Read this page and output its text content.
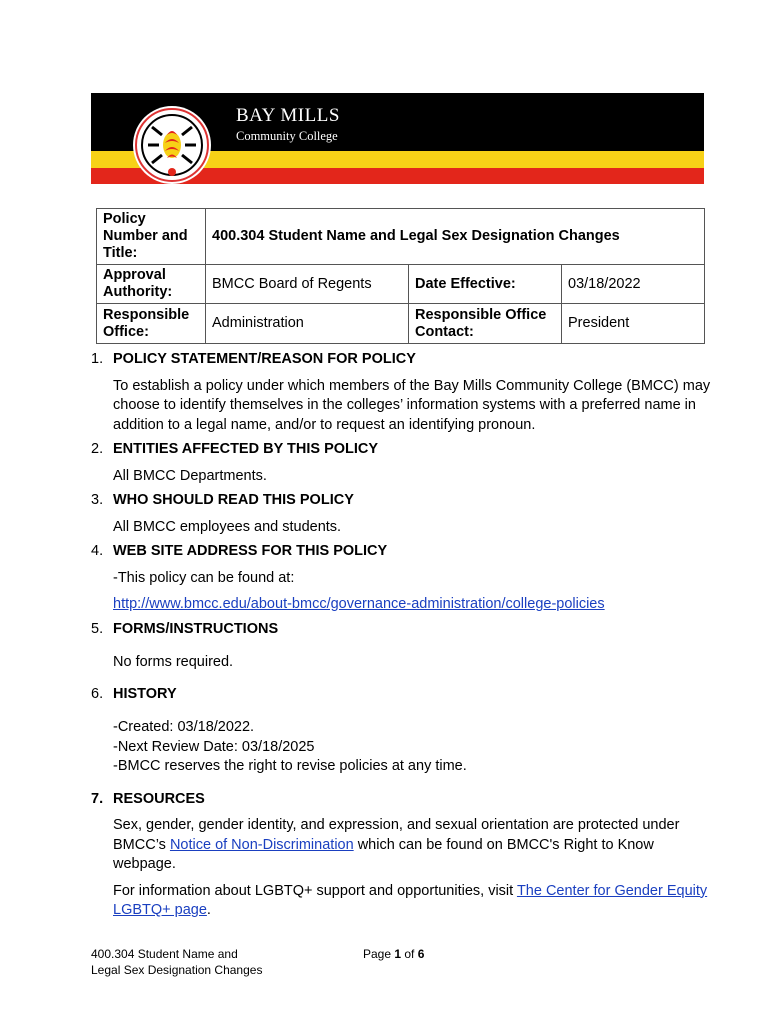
BAY MILLS
Community College
Policy Number and Title:	400.304 Student Name and Legal Sex Designation Changes		
Approval Authority:	BMCC Board of Regents	Date Effective:	03/18/2022
Responsible Office:	Administration	Responsible Office Contact:	President
1. POLICY STATEMENT/REASON FOR POLICY

To establish a policy under which members of the Bay Mills Community College (BMCC) may choose to identify themselves in the colleges’ information systems with a preferred name in addition to a legal name, and/or to request an identifying pronoun.

2. ENTITIES AFFECTED BY THIS POLICY

All BMCC Departments.

3. WHO SHOULD READ THIS POLICY

All BMCC employees and students.

4. WEB SITE ADDRESS FOR THIS POLICY

-This policy can be found at:

http://www.bmcc.edu/about-bmcc/governance-administration/college-policies

5. FORMS/INSTRUCTIONS

No forms required.

6. HISTORY

-Created: 03/18/2022.

-Next Review Date: 03/18/2025

-BMCC reserves the right to revise policies at any time.

7. RESOURCES

Sex, gender, gender identity, and expression, and sexual orientation are protected under BMCC’s Notice of Non-Discrimination which can be found on BMCC's Right to Know webpage.

For information about LGBTQ+ support and opportunities, visit The Center for Gender Equity LGBTQ+ page.

400.304 Student Name and
Legal Sex Designation Changes
Page 1 of 6
